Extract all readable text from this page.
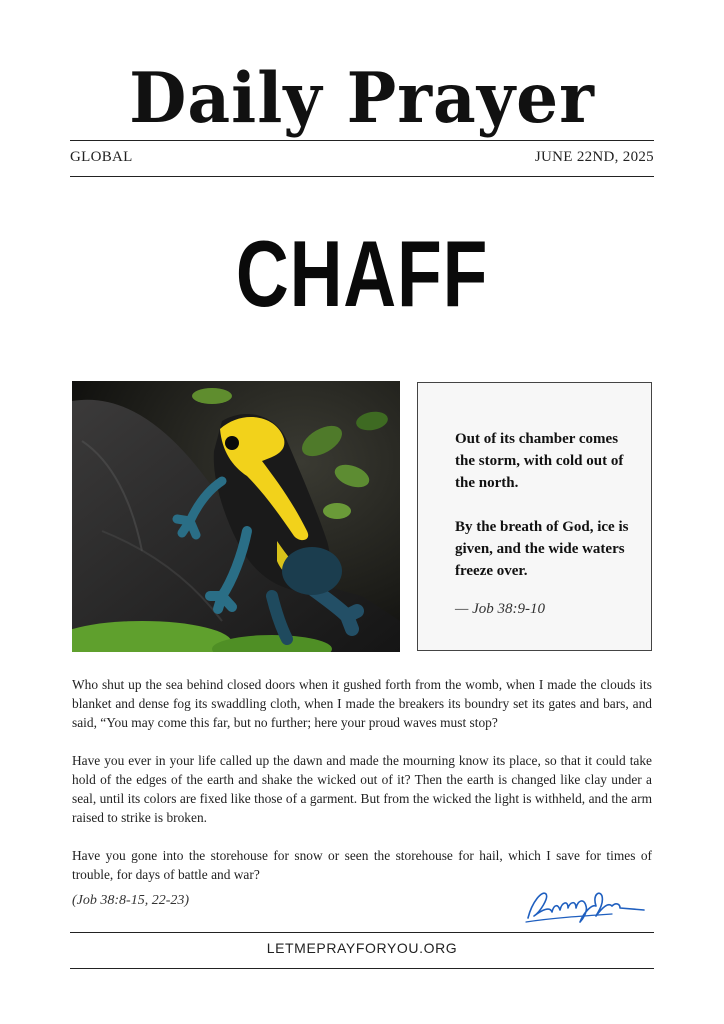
Daily Prayer
GLOBAL	JUNE 22ND, 2025
CHAFF

Out of its chamber comes the storm, with cold out of the north.

By the breath of God, ice is given, and the wide waters freeze over.

— Job 38:9-10

Who shut up the sea behind closed doors when it gushed forth from the womb, when I made the clouds its blanket and dense fog its swaddling cloth, when I made the breakers its boundry set its gates and bars, and said, “You may come this far, but no further; here your proud waves must stop?

Have you ever in your life called up the dawn and made the mourning know its place, so that it could take hold of the edges of the earth and shake the wicked out of it? Then the earth is changed like clay under a seal, until its colors are fixed like those of a garment. But from the wicked the light is withheld, and the arm raised to strike is broken.

Have you gone into the storehouse for snow or seen the storehouse for hail, which I save for times of trouble, for days of battle and war?

(Job 38:8-15, 22-23)
LETMEPRAYFORYOU.ORG
